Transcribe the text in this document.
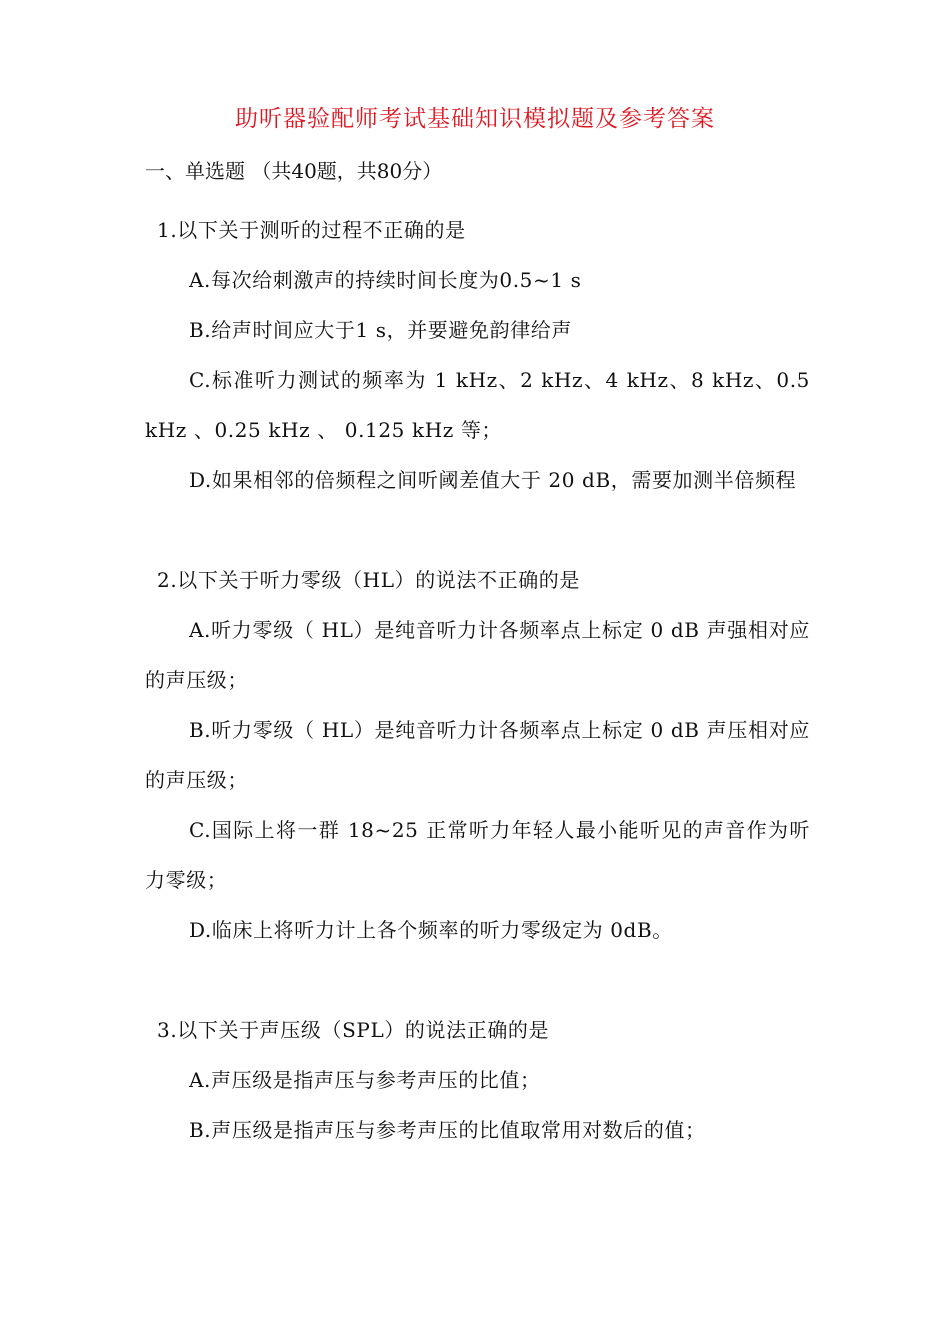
助听器验配师考试基础知识模拟题及参考答案
一、单选题 （共40题，共80分）

1.以下关于测听的过程不正确的是

A.每次给刺激声的持续时间长度为0.5~1 s

B.给声时间应大于1 s，并要避免韵律给声

C.标准听力测试的频率为 1 kHz、2 kHz、4 kHz、8 kHz、0.5 kHz 、0.25 kHz 、 0.125 kHz 等；

D.如果相邻的倍频程之间听阈差值大于 20 dB，需要加测半倍频程

2.以下关于听力零级（HL）的说法不正确的是

A.听力零级（ HL）是纯音听力计各频率点上标定 0 dB 声强相对应的声压级；

B.听力零级（ HL）是纯音听力计各频率点上标定 0 dB 声压相对应的声压级；

C.国际上将一群 18~25 正常听力年轻人最小能听见的声音作为听力零级；

D.临床上将听力计上各个频率的听力零级定为 0dB。

3.以下关于声压级（SPL）的说法正确的是

A.声压级是指声压与参考声压的比值；

B.声压级是指声压与参考声压的比值取常用对数后的值；
